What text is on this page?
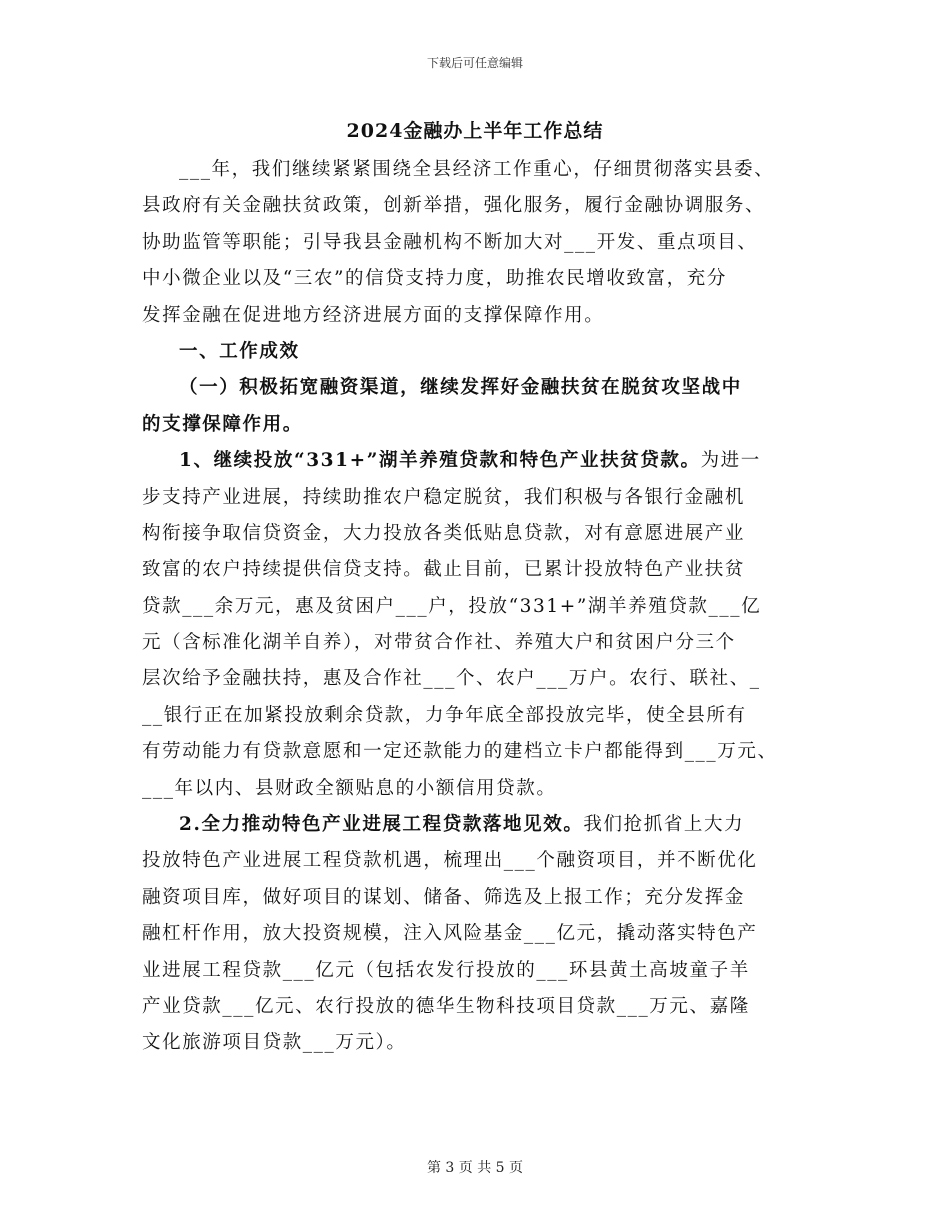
下载后可任意编辑
2024金融办上半年工作总结
___年，我们继续紧紧围绕全县经济工作重心，仔细贯彻落实县委、
县政府有关金融扶贫政策，创新举措，强化服务，履行金融协调服务、
协助监管等职能；引导我县金融机构不断加大对___开发、重点项目、
中小微企业以及“三农”的信贷支持力度，助推农民增收致富，充分
发挥金融在促进地方经济进展方面的支撑保障作用。
一、工作成效
（一）积极拓宽融资渠道，继续发挥好金融扶贫在脱贫攻坚战中
的支撑保障作用。
1、继续投放“331+”湖羊养殖贷款和特色产业扶贫贷款。为进一
步支持产业进展，持续助推农户稳定脱贫，我们积极与各银行金融机
构衔接争取信贷资金，大力投放各类低贴息贷款，对有意愿进展产业
致富的农户持续提供信贷支持。截止目前，已累计投放特色产业扶贫
贷款___余万元，惠及贫困户___户，投放“331+”湖羊养殖贷款___亿
元（含标准化湖羊自养），对带贫合作社、养殖大户和贫困户分三个
层次给予金融扶持，惠及合作社___个、农户___万户。农行、联社、_
__银行正在加紧投放剩余贷款，力争年底全部投放完毕，使全县所有
有劳动能力有贷款意愿和一定还款能力的建档立卡户都能得到___万元、
___年以内、县财政全额贴息的小额信用贷款。
2.全力推动特色产业进展工程贷款落地见效。我们抢抓省上大力
投放特色产业进展工程贷款机遇，梳理出___个融资项目，并不断优化
融资项目库，做好项目的谋划、储备、筛选及上报工作；充分发挥金
融杠杆作用，放大投资规模，注入风险基金___亿元，撬动落实特色产
业进展工程贷款___亿元（包括农发行投放的___环县黄土高坡童子羊
产业贷款___亿元、农行投放的德华生物科技项目贷款___万元、嘉隆
文化旅游项目贷款___万元）。
第 3 页 共 5 页
